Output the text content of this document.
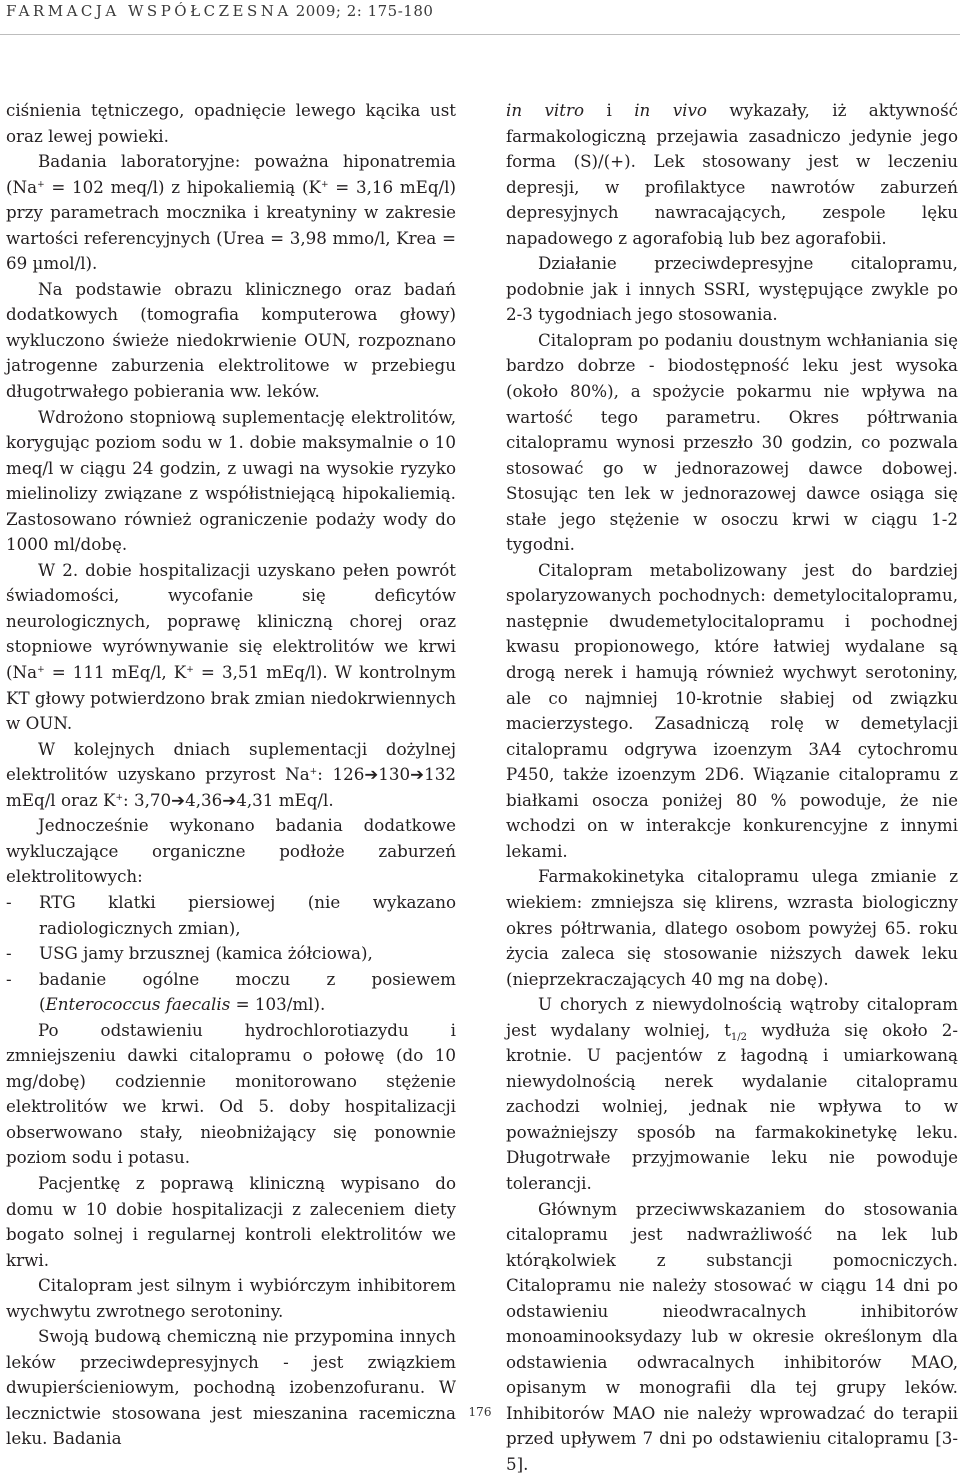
FARMACJA WSPÓŁCZESNA 2009; 2: 175-180

ciśnienia tętniczego, opadnięcie lewego kącika ust oraz lewej powieki.

Badania laboratoryjne: poważna hiponatremia (Na+ = 102 meq/l) z hipokaliemią (K+ = 3,16 mEq/l) przy parametrach mocznika i kreatyniny w zakresie wartości referencyjnych (Urea = 3,98 mmo/l, Krea = 69 µmol/l).

Na podstawie obrazu klinicznego oraz badań dodatkowych (tomografia komputerowa głowy) wykluczono świeże niedokrwienie OUN, rozpoznano jatrogenne zaburzenia elektrolitowe w przebiegu długotrwałego pobierania ww. leków.

Wdrożono stopniową suplementację elektrolitów, korygując poziom sodu w 1. dobie maksymalnie o 10 meq/l w ciągu 24 godzin, z uwagi na wysokie ryzyko mielinolizy związane z współistniejącą hipokaliemią. Zastosowano również ograniczenie podaży wody do 1000 ml/dobę.

W 2. dobie hospitalizacji uzyskano pełen powrót świadomości, wycofanie się deficytów neurologicznych, poprawę kliniczną chorej oraz stopniowe wyrównywanie się elektrolitów we krwi (Na+ = 111 mEq/l, K+ = 3,51 mEq/l). W kontrolnym KT głowy potwierdzono brak zmian niedokrwiennych w OUN.

W kolejnych dniach suplementacji dożylnej elektrolitów uzyskano przyrost Na+: 126➔130➔132 mEq/l oraz K+: 3,70➔4,36➔4,31 mEq/l.

Jednocześnie wykonano badania dodatkowe wykluczające organiczne podłoże zaburzeń elektrolitowych:

- RTG klatki piersiowej (nie wykazano radiologicznych zmian),

- USG jamy brzusznej (kamica żółciowa),

- badanie ogólne moczu z posiewem (Enterococcus faecalis = 103/ml).

Po odstawieniu hydrochlorotiazydu i zmniejszeniu dawki citalopramu o połowę (do 10 mg/dobę) codziennie monitorowano stężenie elektrolitów we krwi. Od 5. doby hospitalizacji obserwowano stały, nieobniżający się ponownie poziom sodu i potasu.

Pacjentkę z poprawą kliniczną wypisano do domu w 10 dobie hospitalizacji z zaleceniem diety bogato solnej i regularnej kontroli elektrolitów we krwi.

Citalopram jest silnym i wybiórczym inhibitorem wychwytu zwrotnego serotoniny.

Swoją budową chemiczną nie przypomina innych leków przeciwdepresyjnych - jest związkiem dwupierścieniowym, pochodną izobenzofuranu. W lecznictwie stosowana jest mieszanina racemiczna leku. Badania

in vitro i in vivo wykazały, iż aktywność farmakologiczną przejawia zasadniczo jedynie jego forma (S)/(+). Lek stosowany jest w leczeniu depresji, w profilaktyce nawrotów zaburzeń depresyjnych nawracających, zespole lęku napadowego z agorafobią lub bez agorafobii.

Działanie przeciwdepresyjne citalopramu, podobnie jak i innych SSRI, występujące zwykle po 2-3 tygodniach jego stosowania.

Citalopram po podaniu doustnym wchłaniania się bardzo dobrze - biodostępność leku jest wysoka (około 80%), a spożycie pokarmu nie wpływa na wartość tego parametru. Okres półtrwania citalopramu wynosi przeszło 30 godzin, co pozwala stosować go w jednorazowej dawce dobowej. Stosując ten lek w jednorazowej dawce osiąga się stałe jego stężenie w osoczu krwi w ciągu 1-2 tygodni.

Citalopram metabolizowany jest do bardziej spolaryzowanych pochodnych: demetylocitalopramu, następnie dwudemetylocitalopramu i pochodnej kwasu propionowego, które łatwiej wydalane są drogą nerek i hamują również wychwyt serotoniny, ale co najmniej 10-krotnie słabiej od związku macierzystego. Zasadniczą rolę w demetylacji citalopramu odgrywa izoenzym 3A4 cytochromu P450, także izoenzym 2D6. Wiązanie citalopramu z białkami osocza poniżej 80 % powoduje, że nie wchodzi on w interakcje konkurencyjne z innymi lekami.

Farmakokinetyka citalopramu ulega zmianie z wiekiem: zmniejsza się klirens, wzrasta biologiczny okres półtrwania, dlatego osobom powyżej 65. roku życia zaleca się stosowanie niższych dawek leku (nieprzekraczających 40 mg na dobę).

U chorych z niewydolnością wątroby citalopram jest wydalany wolniej, $t_{1/2}$ wydłuża się około 2-krotnie. U pacjentów z łagodną i umiarkowaną niewydolnością nerek wydalanie citalopramu zachodzi wolniej, jednak nie wpływa to w poważniejszy sposób na farmakokinetykę leku. Długotrwałe przyjmowanie leku nie powoduje tolerancji.

Głównym przeciwwskazaniem do stosowania citalopramu jest nadwrażliwość na lek lub którąkolwiek z substancji pomocniczych. Citalopramu nie należy stosować w ciągu 14 dni po odstawieniu nieodwracalnych inhibitorów monoaminooksydazy lub w okresie określonym dla odstawienia odwracalnych inhibitorów MAO, opisanym w monografii dla tej grupy leków. Inhibitorów MAO nie należy wprowadzać do terapii przed upływem 7 dni po odstawieniu citalopramu [3-5].

176
